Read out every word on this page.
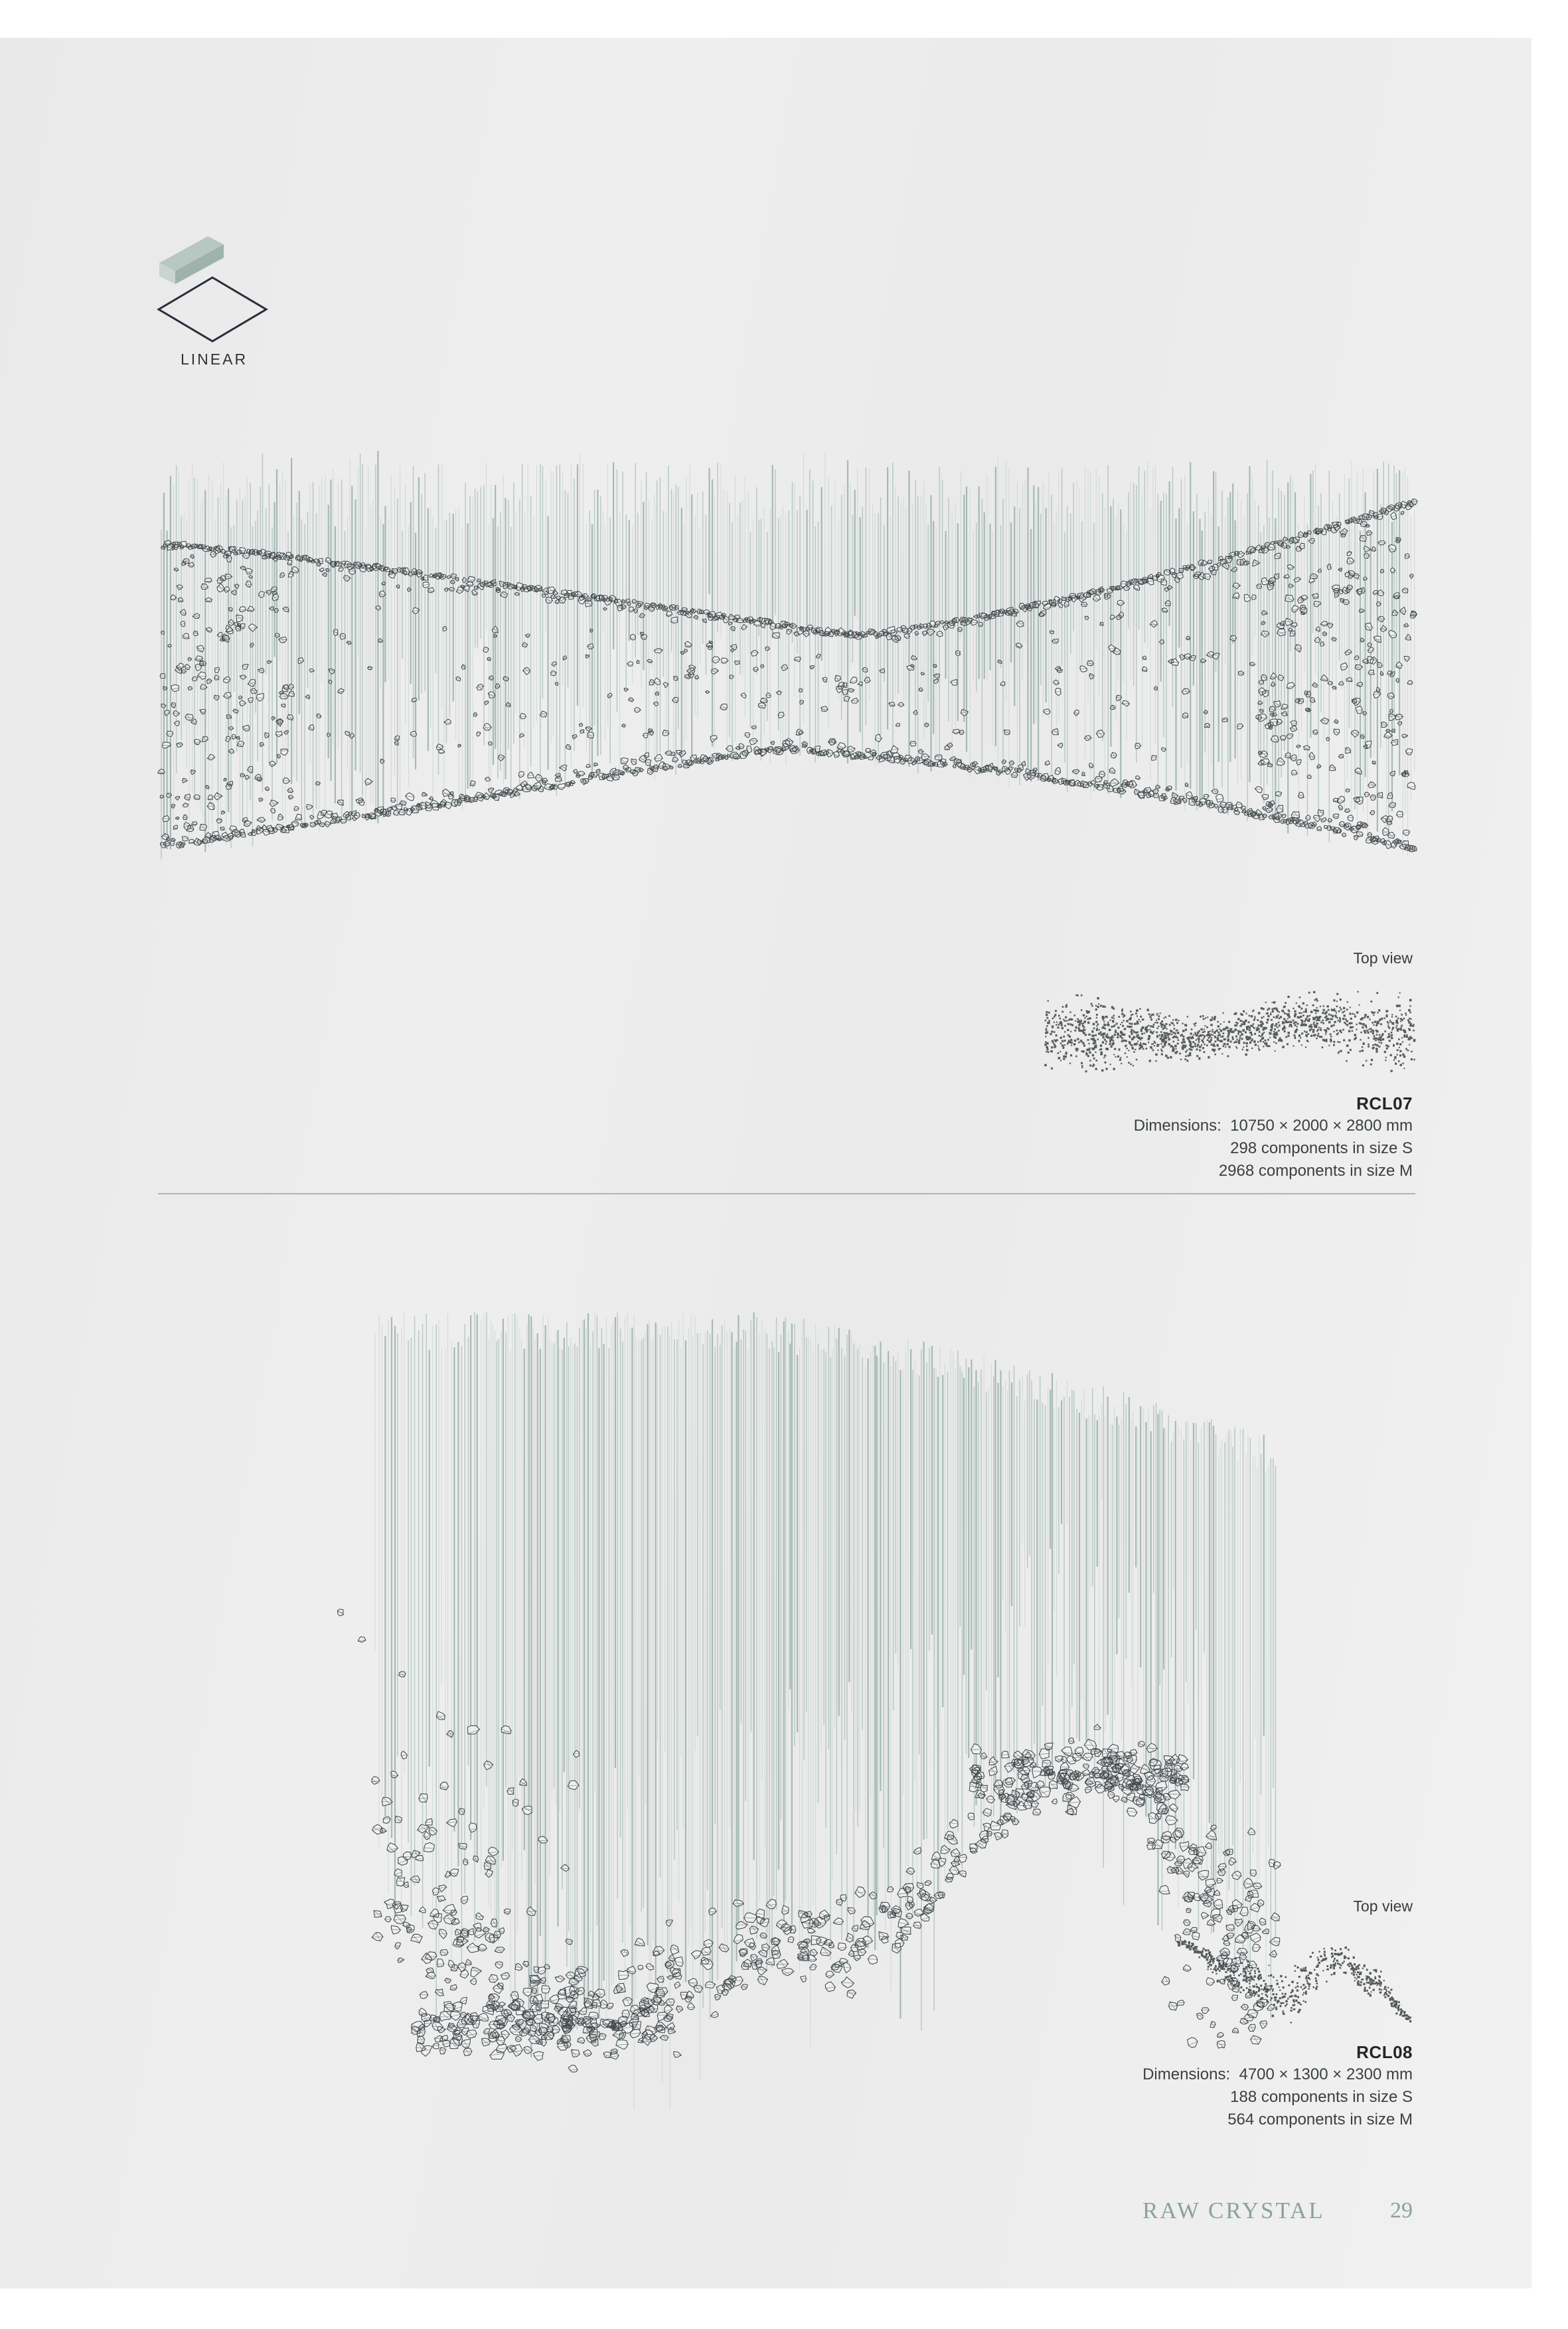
LINEAR
Top view
RCL07
Dimensions: 10750 × 2000 × 2800 mm
298 components in size S
2968 components in size M
Top view
RCL08
Dimensions: 4700 × 1300 × 2300 mm
188 components in size S
564 components in size M
RAW CRYSTAL	29
